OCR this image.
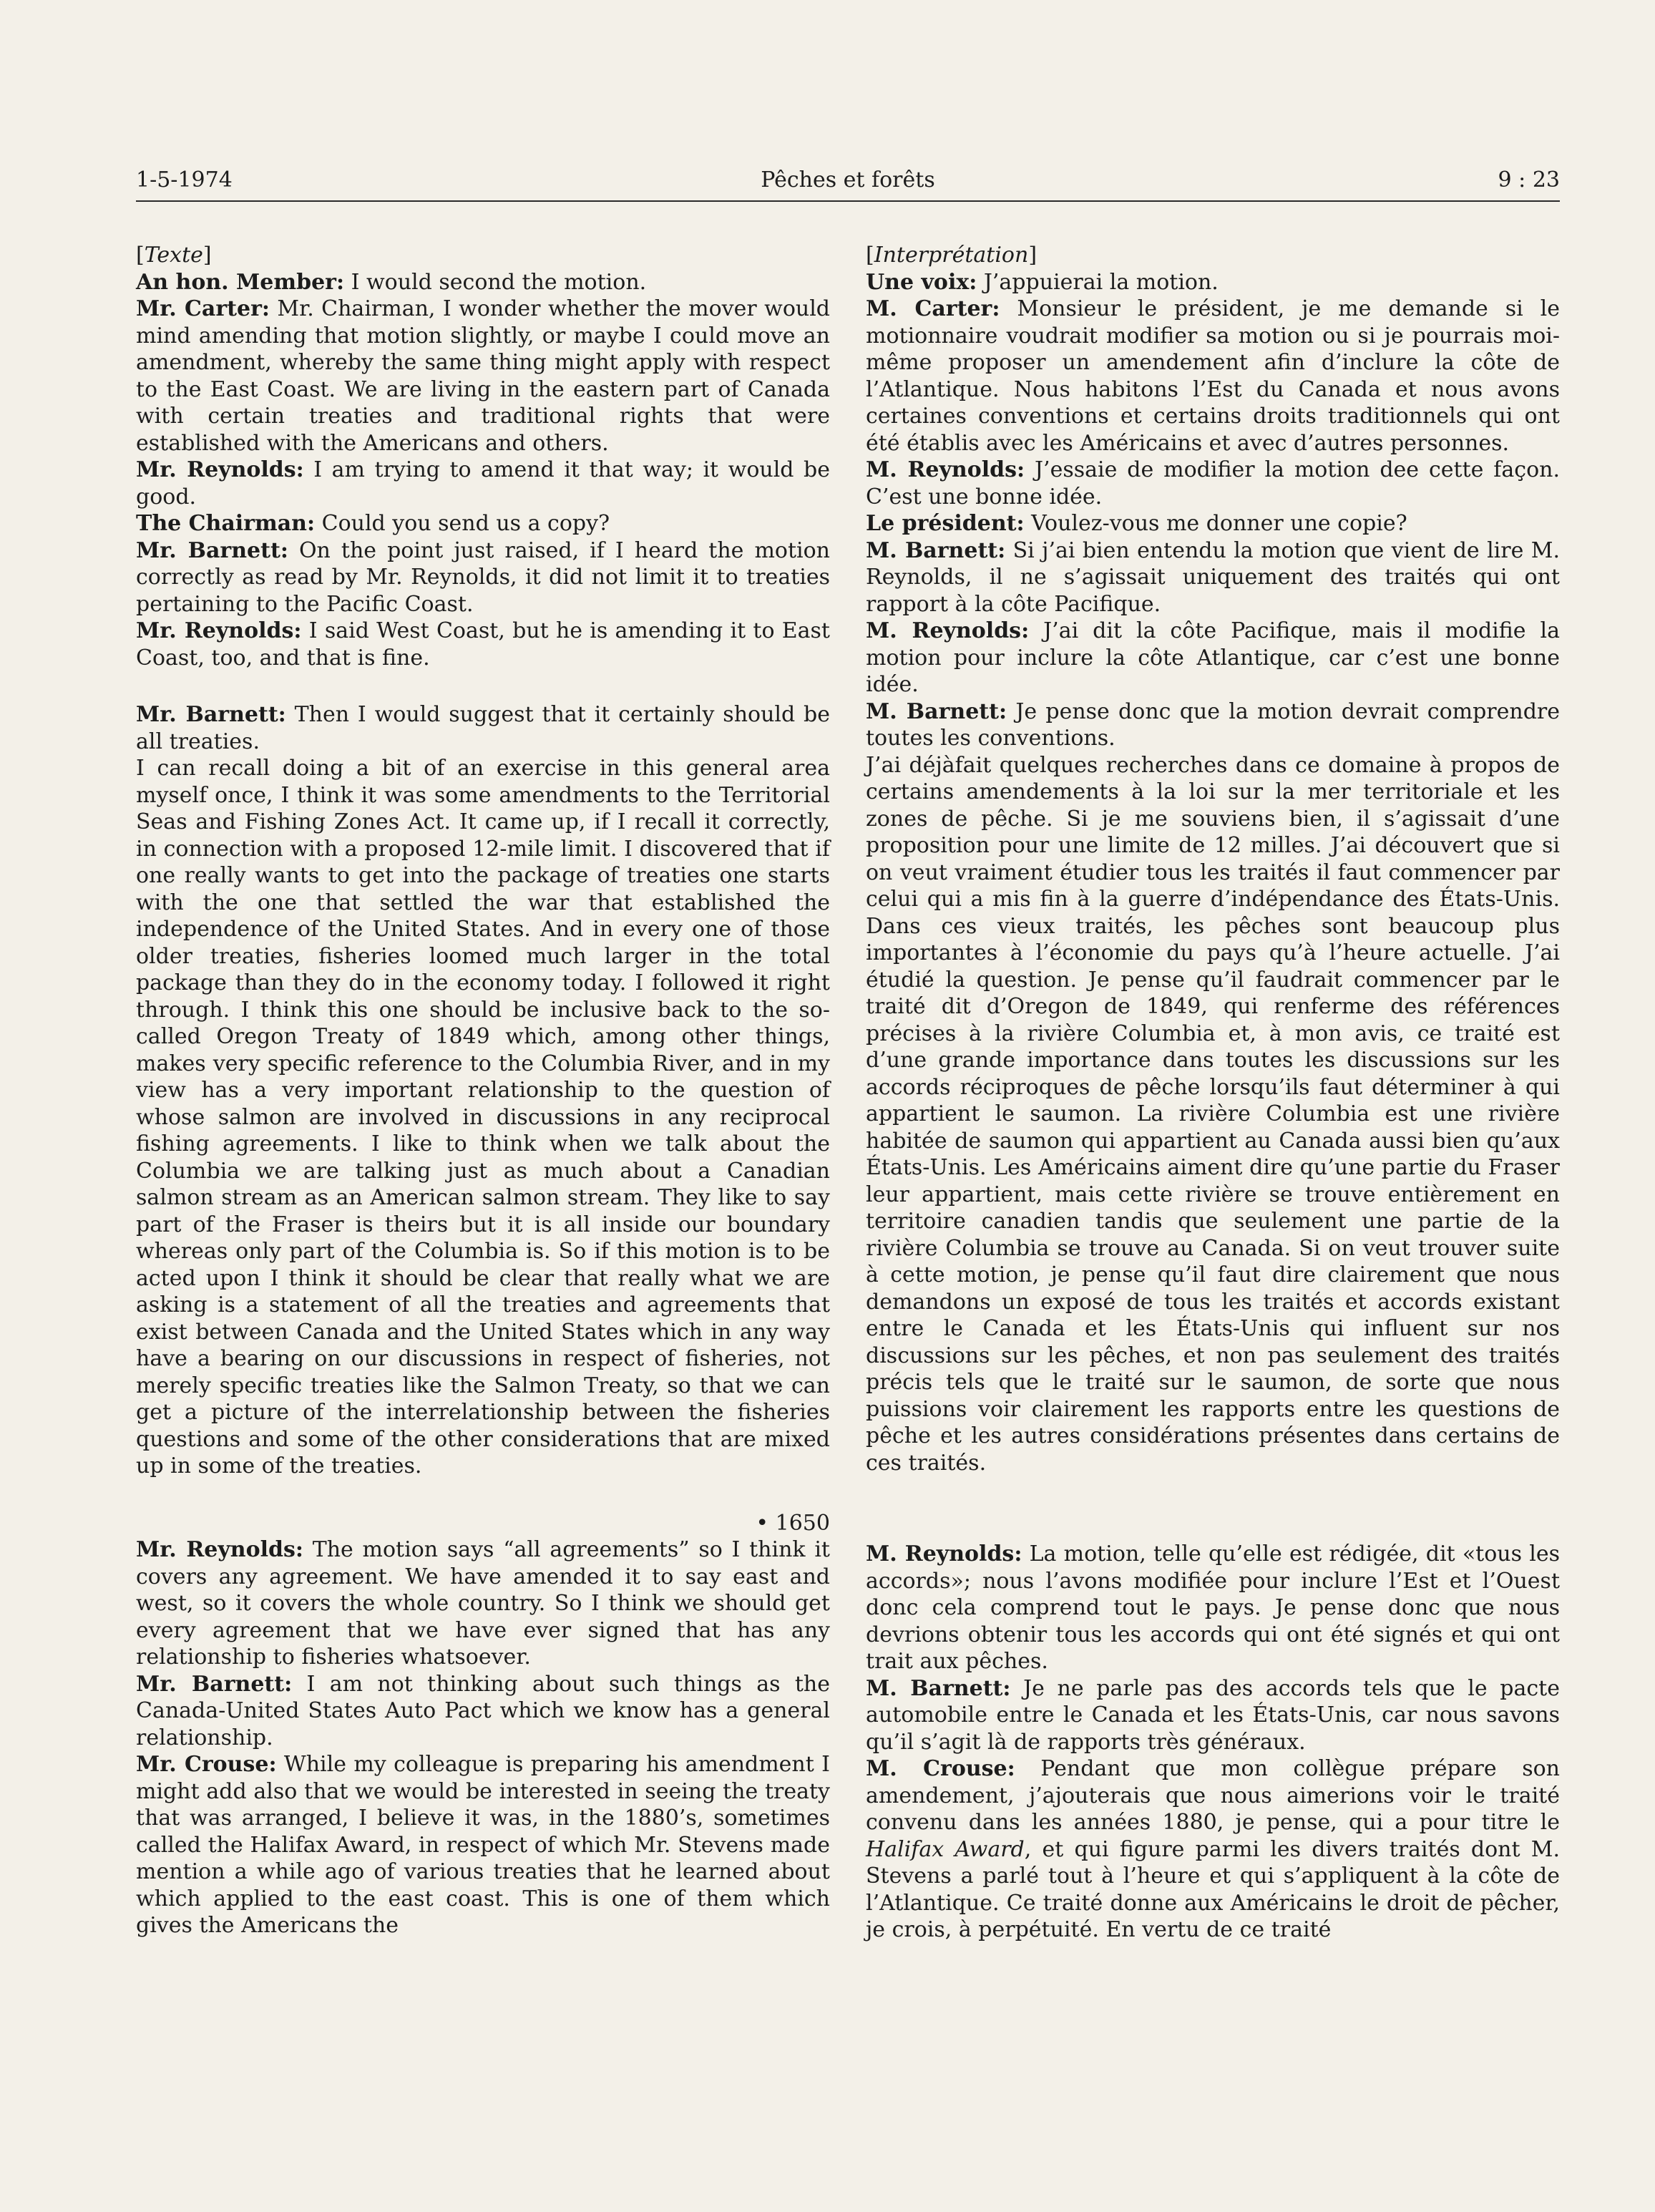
1-5-1974	Pêches et forêts	9 : 23

[Texte]

An hon. Member: I would second the motion.

Mr. Carter: Mr. Chairman, I wonder whether the mover would mind amending that motion slightly, or maybe I could move an amendment, whereby the same thing might apply with respect to the East Coast. We are living in the eastern part of Canada with certain treaties and traditional rights that were established with the Americans and others.

Mr. Reynolds: I am trying to amend it that way; it would be good.

The Chairman: Could you send us a copy?

Mr. Barnett: On the point just raised, if I heard the motion correctly as read by Mr. Reynolds, it did not limit it to treaties pertaining to the Pacific Coast.

Mr. Reynolds: I said West Coast, but he is amending it to East Coast, too, and that is fine.

Mr. Barnett: Then I would suggest that it certainly should be all treaties.

I can recall doing a bit of an exercise in this general area myself once, I think it was some amendments to the Territorial Seas and Fishing Zones Act. It came up, if I recall it correctly, in connection with a proposed 12-mile limit. I discovered that if one really wants to get into the package of treaties one starts with the one that settled the war that established the independence of the United States. And in every one of those older treaties, fisheries loomed much larger in the total package than they do in the economy today. I followed it right through. I think this one should be inclusive back to the so-called Oregon Treaty of 1849 which, among other things, makes very specific reference to the Columbia River, and in my view has a very important relationship to the question of whose salmon are involved in discussions in any reciprocal fishing agreements. I like to think when we talk about the Columbia we are talking just as much about a Canadian salmon stream as an American salmon stream. They like to say part of the Fraser is theirs but it is all inside our boundary whereas only part of the Columbia is. So if this motion is to be acted upon I think it should be clear that really what we are asking is a statement of all the treaties and agreements that exist between Canada and the United States which in any way have a bearing on our discussions in respect of fisheries, not merely specific treaties like the Salmon Treaty, so that we can get a picture of the interrelationship between the fisheries questions and some of the other considerations that are mixed up in some of the treaties.

• 1650

Mr. Reynolds: The motion says “all agreements” so I think it covers any agreement. We have amended it to say east and west, so it covers the whole country. So I think we should get every agreement that we have ever signed that has any relationship to fisheries whatsoever.

Mr. Barnett: I am not thinking about such things as the Canada-United States Auto Pact which we know has a general relationship.

Mr. Crouse: While my colleague is preparing his amendment I might add also that we would be interested in seeing the treaty that was arranged, I believe it was, in the 1880’s, sometimes called the Halifax Award, in respect of which Mr. Stevens made mention a while ago of various treaties that he learned about which applied to the east coast. This is one of them which gives the Americans the

[Interprétation]

Une voix: J’appuierai la motion.

M. Carter: Monsieur le président, je me demande si le motionnaire voudrait modifier sa motion ou si je pourrais moi-même proposer un amendement afin d’inclure la côte de l’Atlantique. Nous habitons l’Est du Canada et nous avons certaines conventions et certains droits traditionnels qui ont été établis avec les Américains et avec d’autres personnes.

M. Reynolds: J’essaie de modifier la motion dee cette façon. C’est une bonne idée.

Le président: Voulez-vous me donner une copie?

M. Barnett: Si j’ai bien entendu la motion que vient de lire M. Reynolds, il ne s’agissait uniquement des traités qui ont rapport à la côte Pacifique.

M. Reynolds: J’ai dit la côte Pacifique, mais il modifie la motion pour inclure la côte Atlantique, car c’est une bonne idée.

M. Barnett: Je pense donc que la motion devrait comprendre toutes les conventions.

J’ai déjàfait quelques recherches dans ce domaine à propos de certains amendements à la loi sur la mer territoriale et les zones de pêche. Si je me souviens bien, il s’agissait d’une proposition pour une limite de 12 milles. J’ai découvert que si on veut vraiment étudier tous les traités il faut commencer par celui qui a mis fin à la guerre d’indépendance des États-Unis. Dans ces vieux traités, les pêches sont beaucoup plus importantes à l’économie du pays qu’à l’heure actuelle. J’ai étudié la question. Je pense qu’il faudrait commencer par le traité dit d’Oregon de 1849, qui renferme des références précises à la rivière Columbia et, à mon avis, ce traité est d’une grande importance dans toutes les discussions sur les accords réciproques de pêche lorsqu’ils faut déterminer à qui appartient le saumon. La rivière Columbia est une rivière habitée de saumon qui appartient au Canada aussi bien qu’aux États-Unis. Les Américains aiment dire qu’une partie du Fraser leur appartient, mais cette rivière se trouve entièrement en territoire canadien tandis que seulement une partie de la rivière Columbia se trouve au Canada. Si on veut trouver suite à cette motion, je pense qu’il faut dire clairement que nous demandons un exposé de tous les traités et accords existant entre le Canada et les États-Unis qui influent sur nos discussions sur les pêches, et non pas seulement des traités précis tels que le traité sur le saumon, de sorte que nous puissions voir clairement les rapports entre les questions de pêche et les autres considérations présentes dans certains de ces traités.

M. Reynolds: La motion, telle qu’elle est rédigée, dit «tous les accords»; nous l’avons modifiée pour inclure l’Est et l’Ouest donc cela comprend tout le pays. Je pense donc que nous devrions obtenir tous les accords qui ont été signés et qui ont trait aux pêches.

M. Barnett: Je ne parle pas des accords tels que le pacte automobile entre le Canada et les États-Unis, car nous savons qu’il s’agit là de rapports très généraux.

M. Crouse: Pendant que mon collègue prépare son amendement, j’ajouterais que nous aimerions voir le traité convenu dans les années 1880, je pense, qui a pour titre le Halifax Award, et qui figure parmi les divers traités dont M. Stevens a parlé tout à l’heure et qui s’appliquent à la côte de l’Atlantique. Ce traité donne aux Américains le droit de pêcher, je crois, à perpétuité. En vertu de ce traité
